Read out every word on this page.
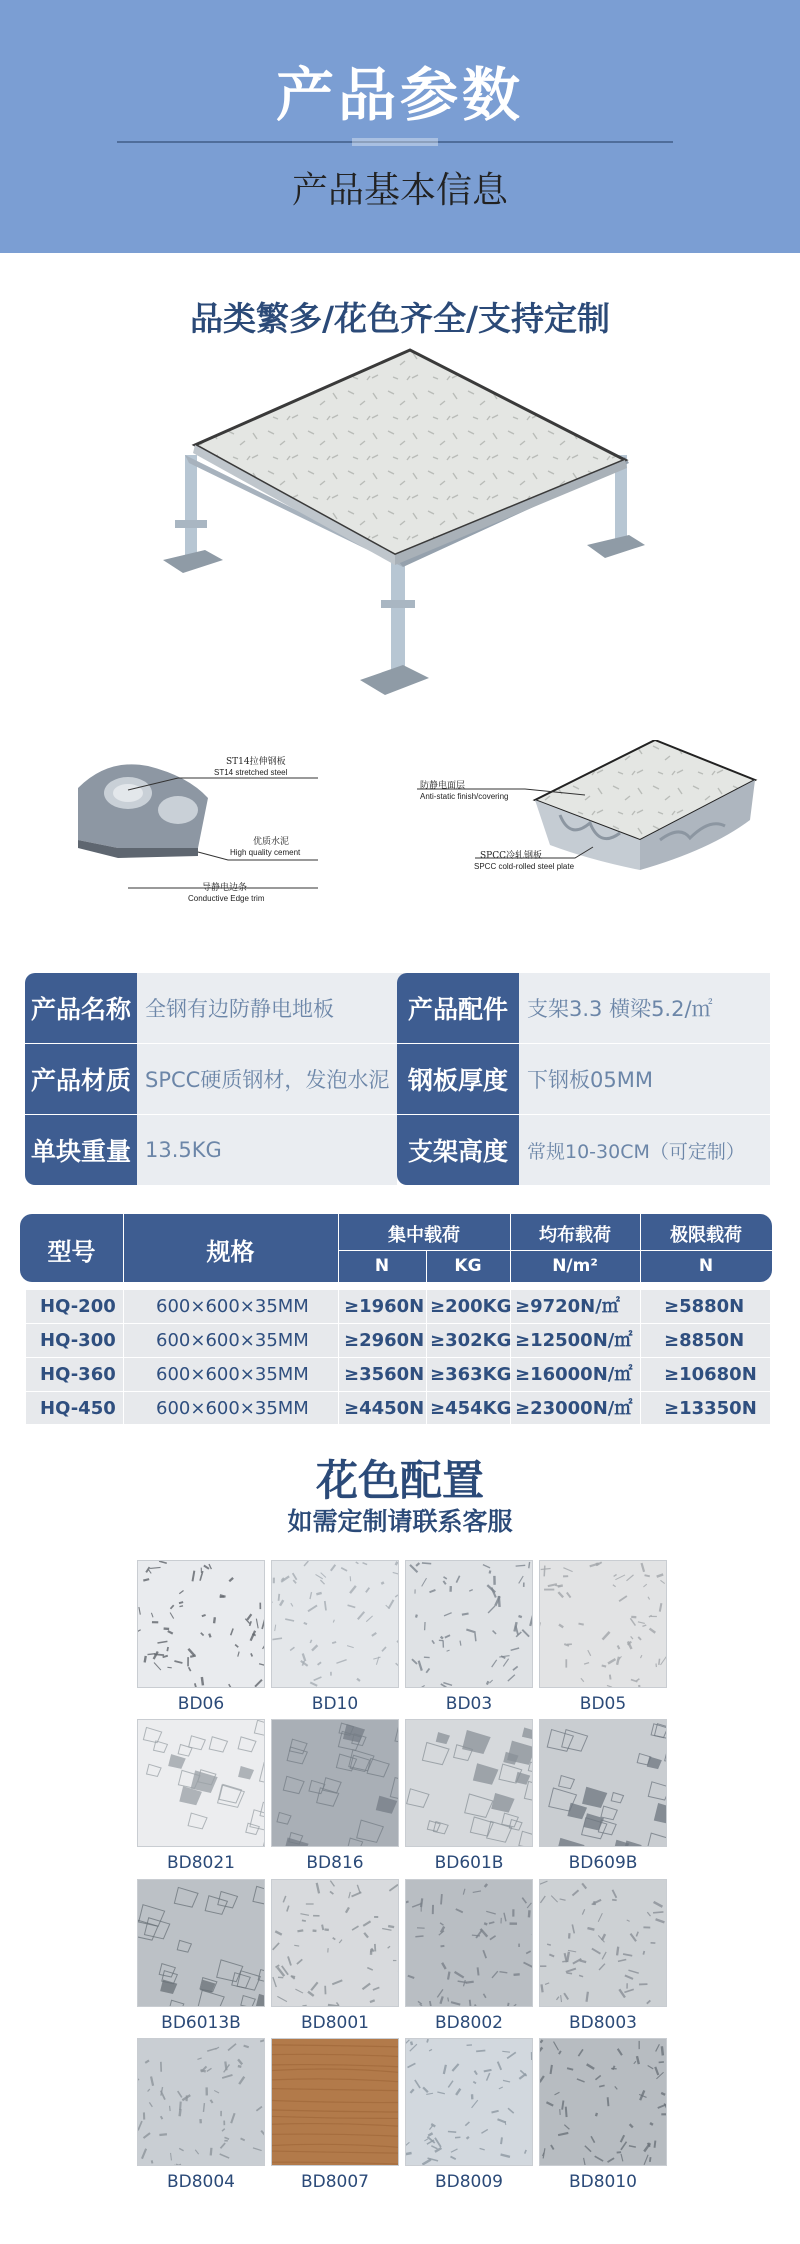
产品参数
产品基本信息
品类繁多/花色齐全/支持定制
ST14拉伸钢板
ST14 stretched steel
优质水泥
High quality cement
导静电边条
Conductive Edge trim
防静电面层
Anti-static finish/covering
SPCC冷轧钢板
SPCC cold-rolled steel plate
产品名称 全钢有边防静电地板	产品配件 支架3.3 横梁5.2/㎡
产品材质 SPCC硬质钢材，发泡水泥 钢板厚度 下钢板05MM
单块重量 13.5KG	支架高度	常规10-30CM（可定制）
型号	规格
集中载荷	均布载荷	极限载荷
N	KG	N/m²	N
HQ-200 600×600×35MM ≥1960N ≥200KG ≥9720N/㎡ ≥5880N
HQ-300 600×600×35MM ≥2960N ≥302KG ≥12500N/㎡ ≥8850N
HQ-360 600×600×35MM ≥3560N ≥363KG ≥16000N/㎡ ≥10680N
HQ-450 600×600×35MM ≥4450N ≥454KG ≥23000N/㎡ ≥13350N
花色配置
如需定制请联系客服
BD06	BD10	BD03	BD05
BD8021	BD816	BD601B	BD609B
BD6013B	BD8001	BD8002	BD8003
BD8004	BD8007	BD8009	BD8010
